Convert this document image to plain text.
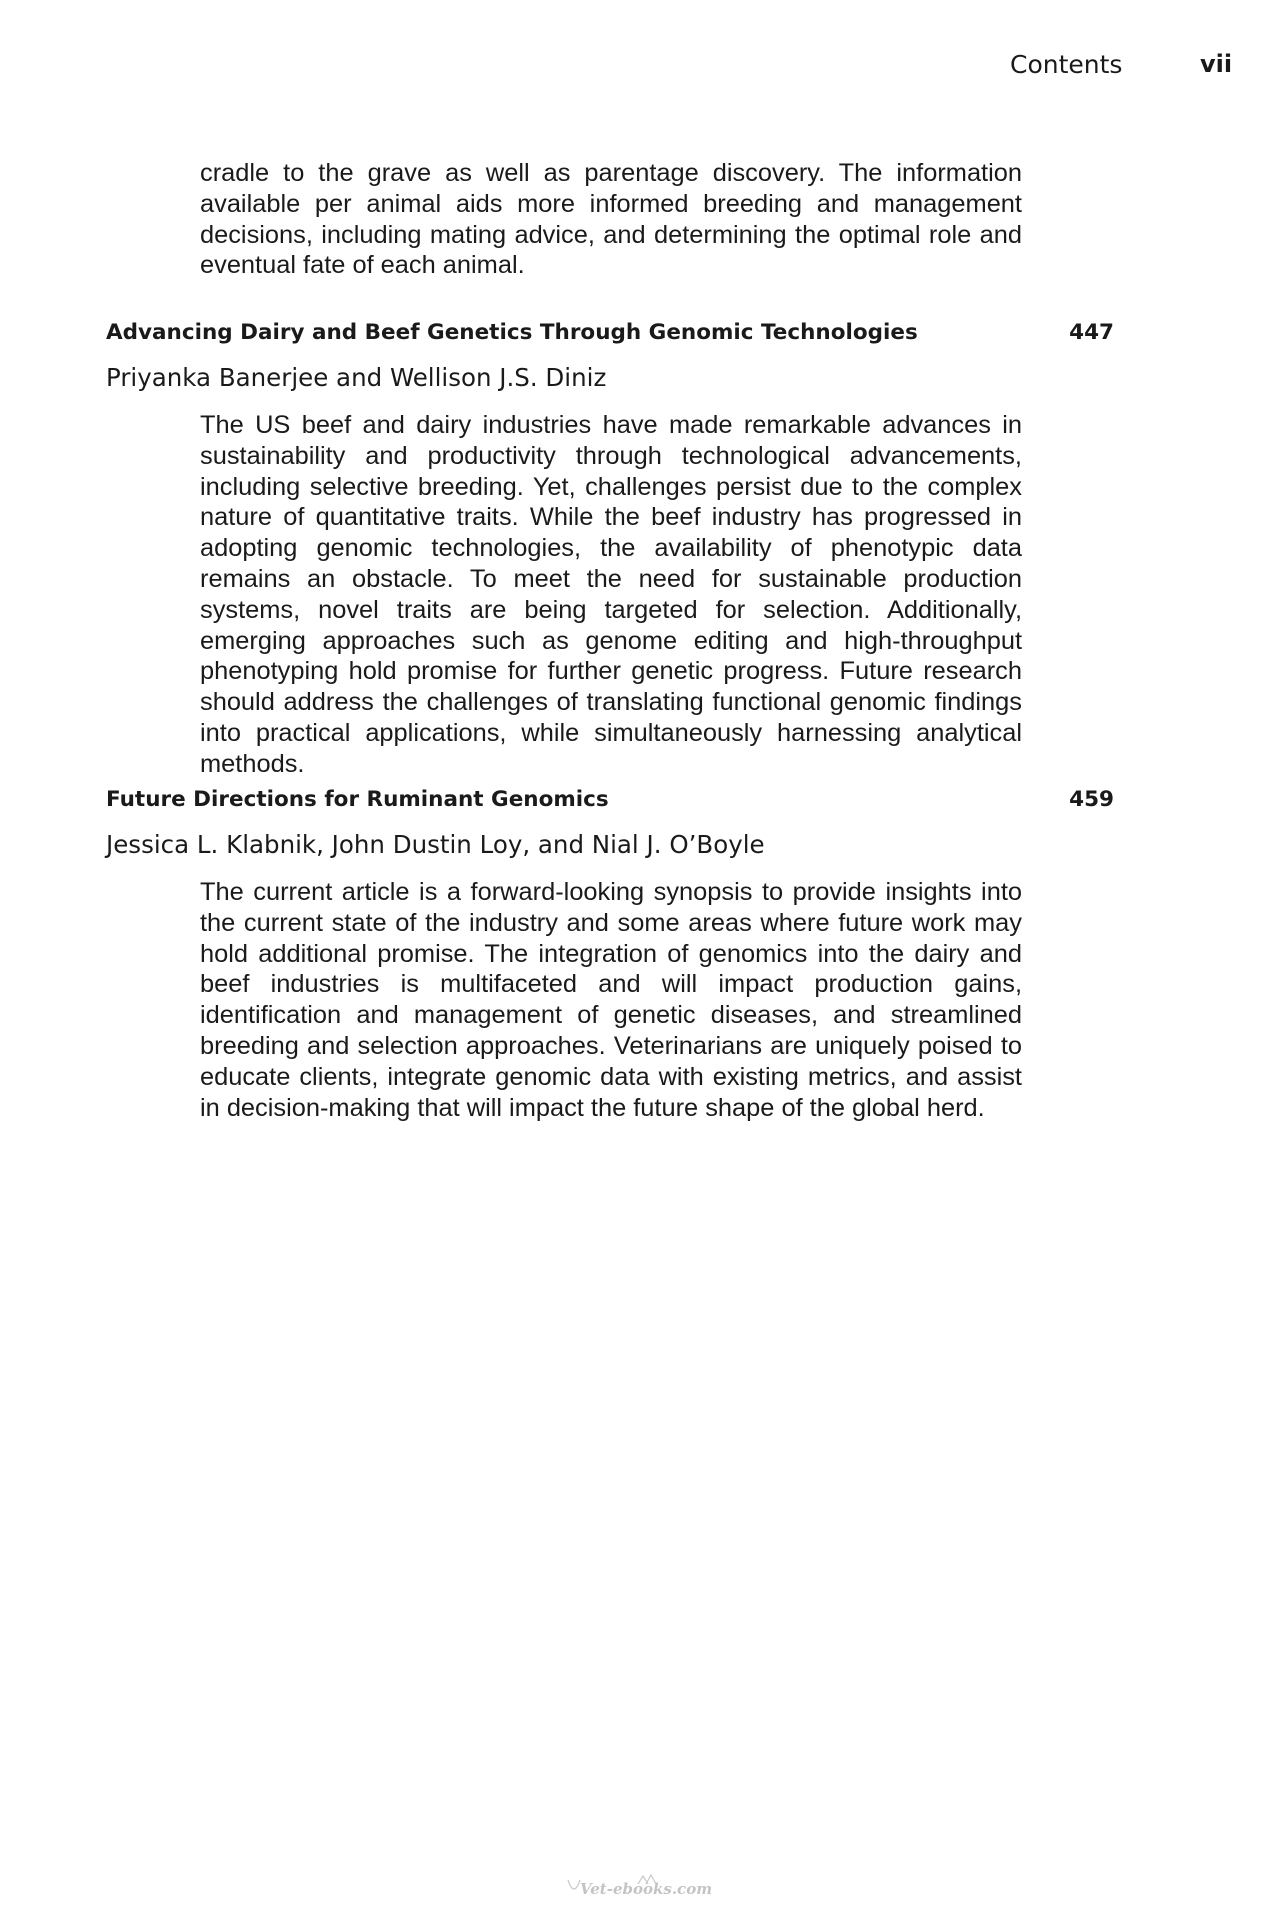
Contents	vii

cradle to the grave as well as parentage discovery. The information available per animal aids more informed breeding and management decisions, including mating advice, and determining the optimal role and eventual fate of each animal.

Advancing Dairy and Beef Genetics Through Genomic Technologies	447
Priyanka Banerjee and Wellison J.S. Diniz

The US beef and dairy industries have made remarkable advances in sustainability and productivity through technological advancements, including selective breeding. Yet, challenges persist due to the complex nature of quantitative traits. While the beef industry has progressed in adopting genomic technologies, the availability of phenotypic data remains an obstacle. To meet the need for sustainable production systems, novel traits are being targeted for selection. Additionally, emerging approaches such as genome editing and high-throughput phenotyping hold promise for further genetic progress. Future research should address the challenges of translating functional genomic findings into practical applications, while simultaneously harnessing analytical methods.

Future Directions for Ruminant Genomics	459
Jessica L. Klabnik, John Dustin Loy, and Nial J. O’Boyle

The current article is a forward-looking synopsis to provide insights into the current state of the industry and some areas where future work may hold additional promise. The integration of genomics into the dairy and beef industries is multifaceted and will impact production gains, identification and management of genetic diseases, and streamlined breeding and selection approaches. Veterinarians are uniquely poised to educate clients, integrate genomic data with existing metrics, and assist in decision-making that will impact the future shape of the global herd.

Vet-ebooks.com
